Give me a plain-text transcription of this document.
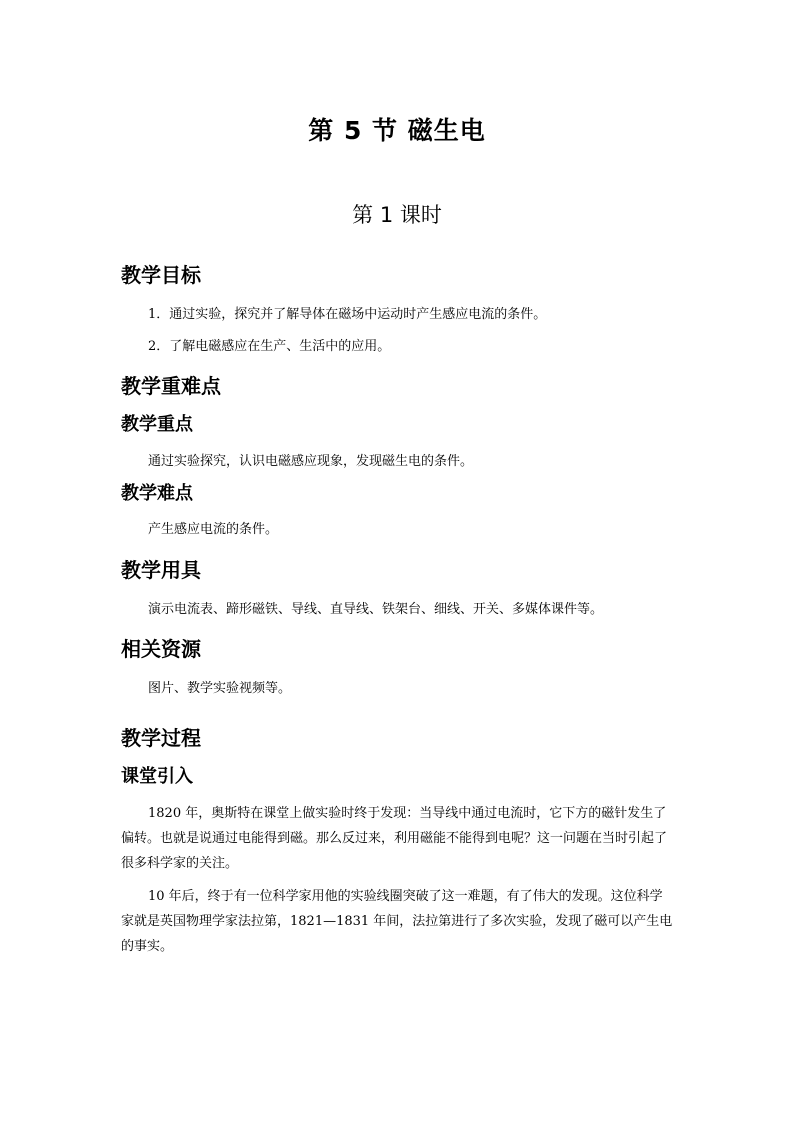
第 5 节 磁生电
第 1 课时
教学目标
1．通过实验，探究并了解导体在磁场中运动时产生感应电流的条件。
2．了解电磁感应在生产、生活中的应用。
教学重难点
教学重点
通过实验探究，认识电磁感应现象，发现磁生电的条件。
教学难点
产生感应电流的条件。
教学用具
演示电流表、蹄形磁铁、导线、直导线、铁架台、细线、开关、多媒体课件等。
相关资源
图片、教学实验视频等。
教学过程
课堂引入
1820 年，奥斯特在课堂上做实验时终于发现：当导线中通过电流时，它下方的磁针发生了偏转。也就是说通过电能得到磁。那么反过来，利用磁能不能得到电呢？这一问题在当时引起了很多科学家的关注。
10 年后，终于有一位科学家用他的实验线圈突破了这一难题，有了伟大的发现。这位科学家就是英国物理学家法拉第，1821—1831 年间，法拉第进行了多次实验，发现了磁可以产生电的事实。
